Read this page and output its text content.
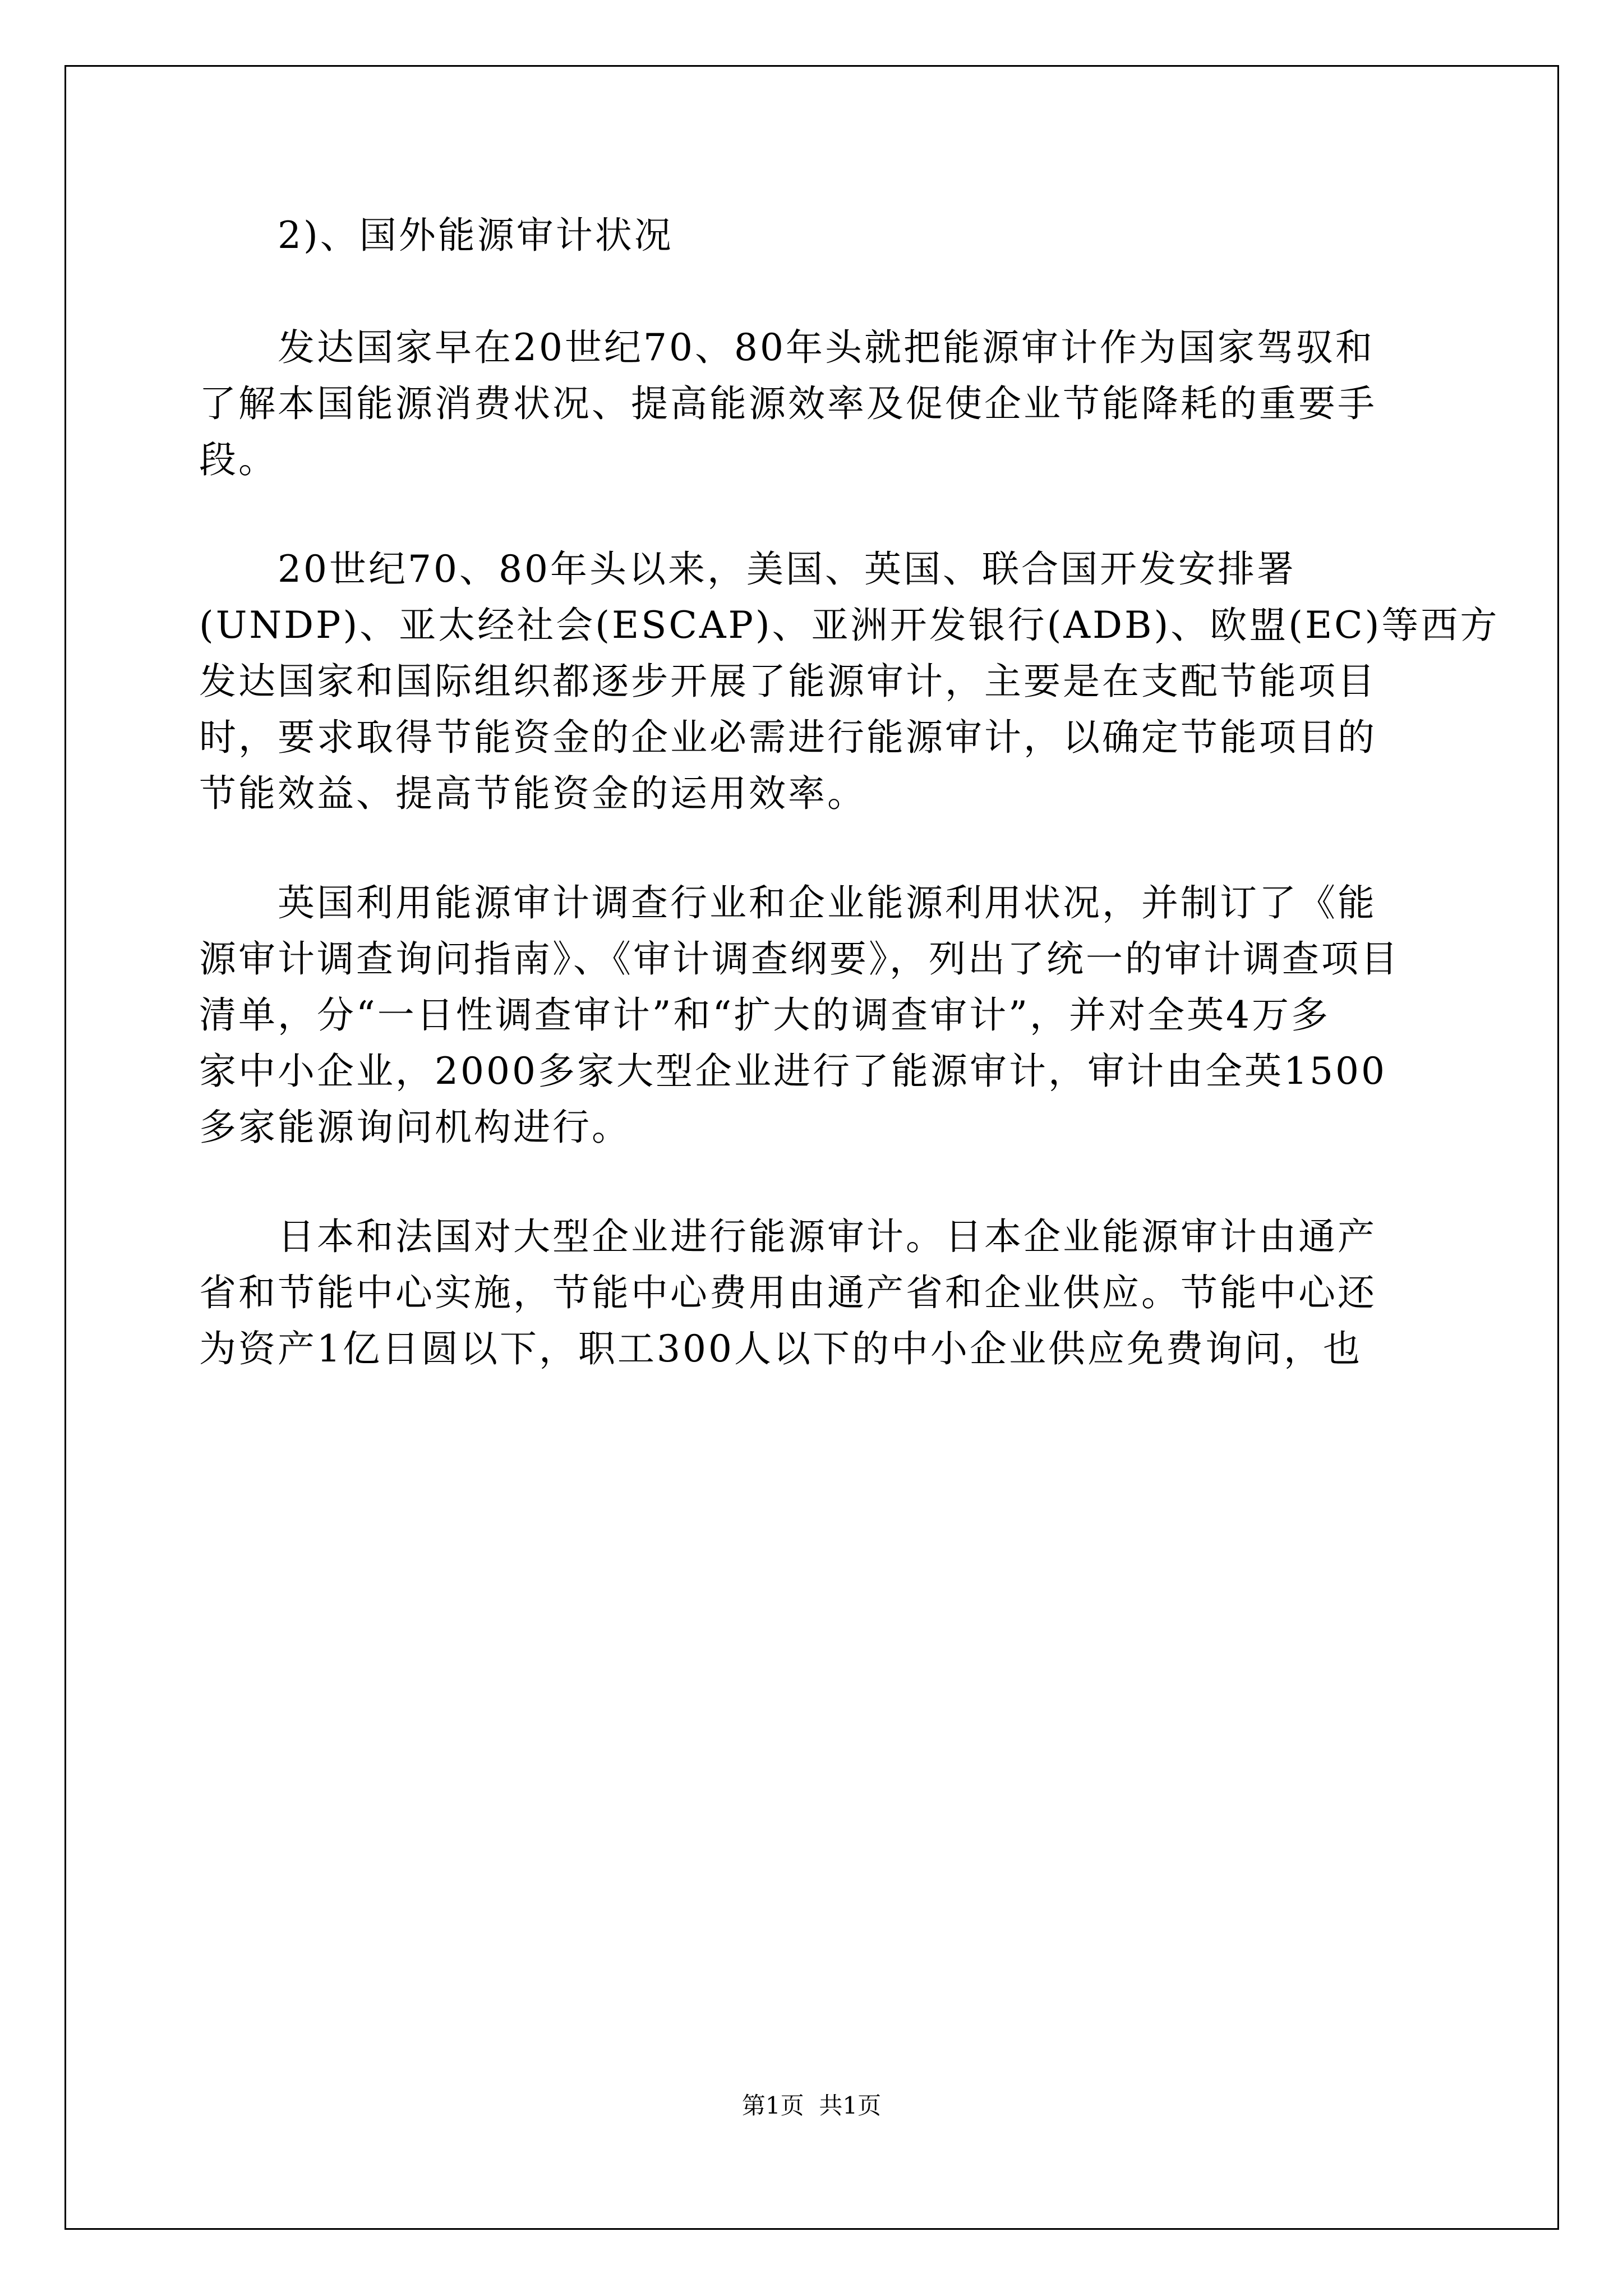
2)、国外能源审计状况
发达国家早在20世纪70、80年头就把能源审计作为国家驾驭和
了解本国能源消费状况、提高能源效率及促使企业节能降耗的重要手
段。
20世纪70、80年头以来，美国、英国、联合国开发安排署
(UNDP)、亚太经社会(ESCAP)、亚洲开发银行(ADB)、欧盟(EC)等西方
发达国家和国际组织都逐步开展了能源审计，主要是在支配节能项目
时，要求取得节能资金的企业必需进行能源审计，以确定节能项目的
节能效益、提高节能资金的运用效率。
英国利用能源审计调查行业和企业能源利用状况，并制订了《能
源审计调查询问指南》、《审计调查纲要》，列出了统一的审计调查项目
清单，分“一日性调查审计”和“扩大的调查审计”，并对全英4万多
家中小企业，2000多家大型企业进行了能源审计，审计由全英1500
多家能源询问机构进行。
日本和法国对大型企业进行能源审计。日本企业能源审计由通产
省和节能中心实施，节能中心费用由通产省和企业供应。节能中心还
为资产1亿日圆以下，职工300人以下的中小企业供应免费询问，也
第1页  共1页
